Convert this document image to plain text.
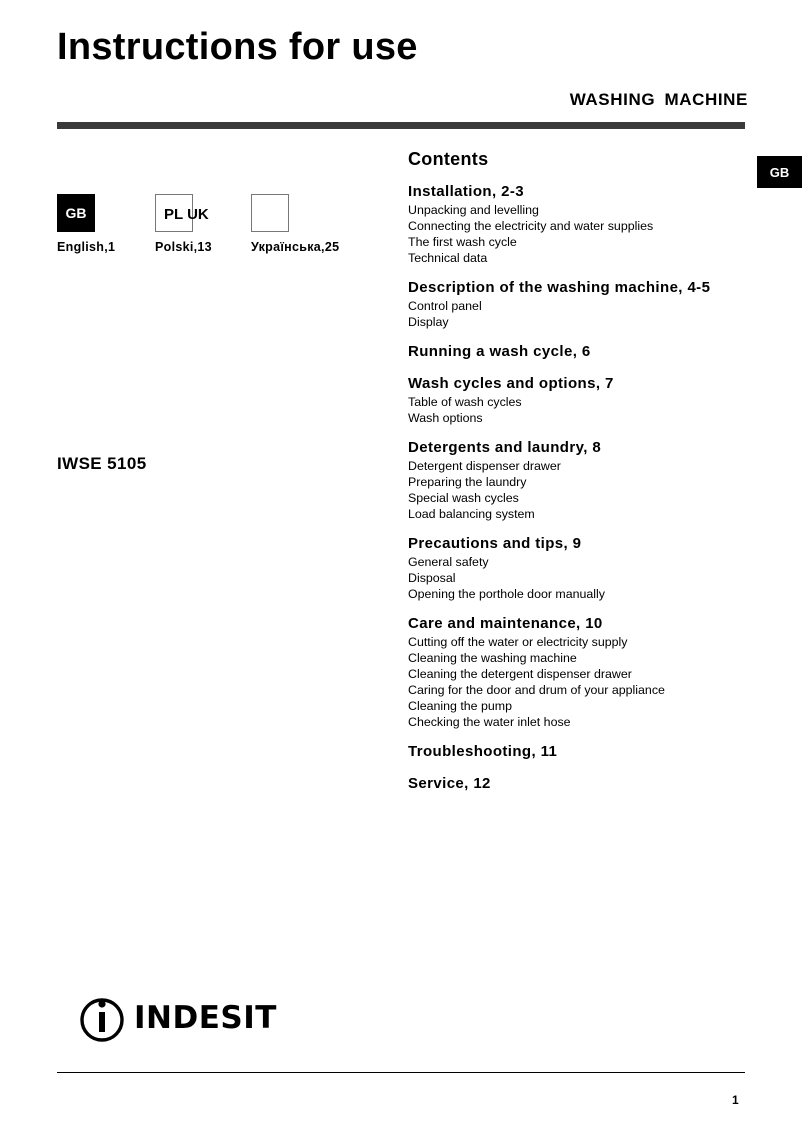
Instructions for use
WASHING MACHINE
GB
GB	PL UK
English,1	Polski,13	Українська,25
IWSE 5105
Contents
Installation, 2-3
Unpacking and levelling
Connecting the electricity and water supplies
The first wash cycle
Technical data
Description of the washing machine, 4-5
Control panel
Display
Running a wash cycle, 6
Wash cycles and options, 7
Table of wash cycles
Wash options
Detergents and laundry, 8
Detergent dispenser drawer
Preparing the laundry
Special wash cycles
Load balancing system
Precautions and tips, 9
General safety
Disposal
Opening the porthole door manually
Care and maintenance, 10
Cutting off the water or electricity supply
Cleaning the washing machine
Cleaning the detergent dispenser drawer
Caring for the door and drum of your appliance
Cleaning the pump
Checking the water inlet hose
Troubleshooting, 11
Service, 12
INDESIT
1
